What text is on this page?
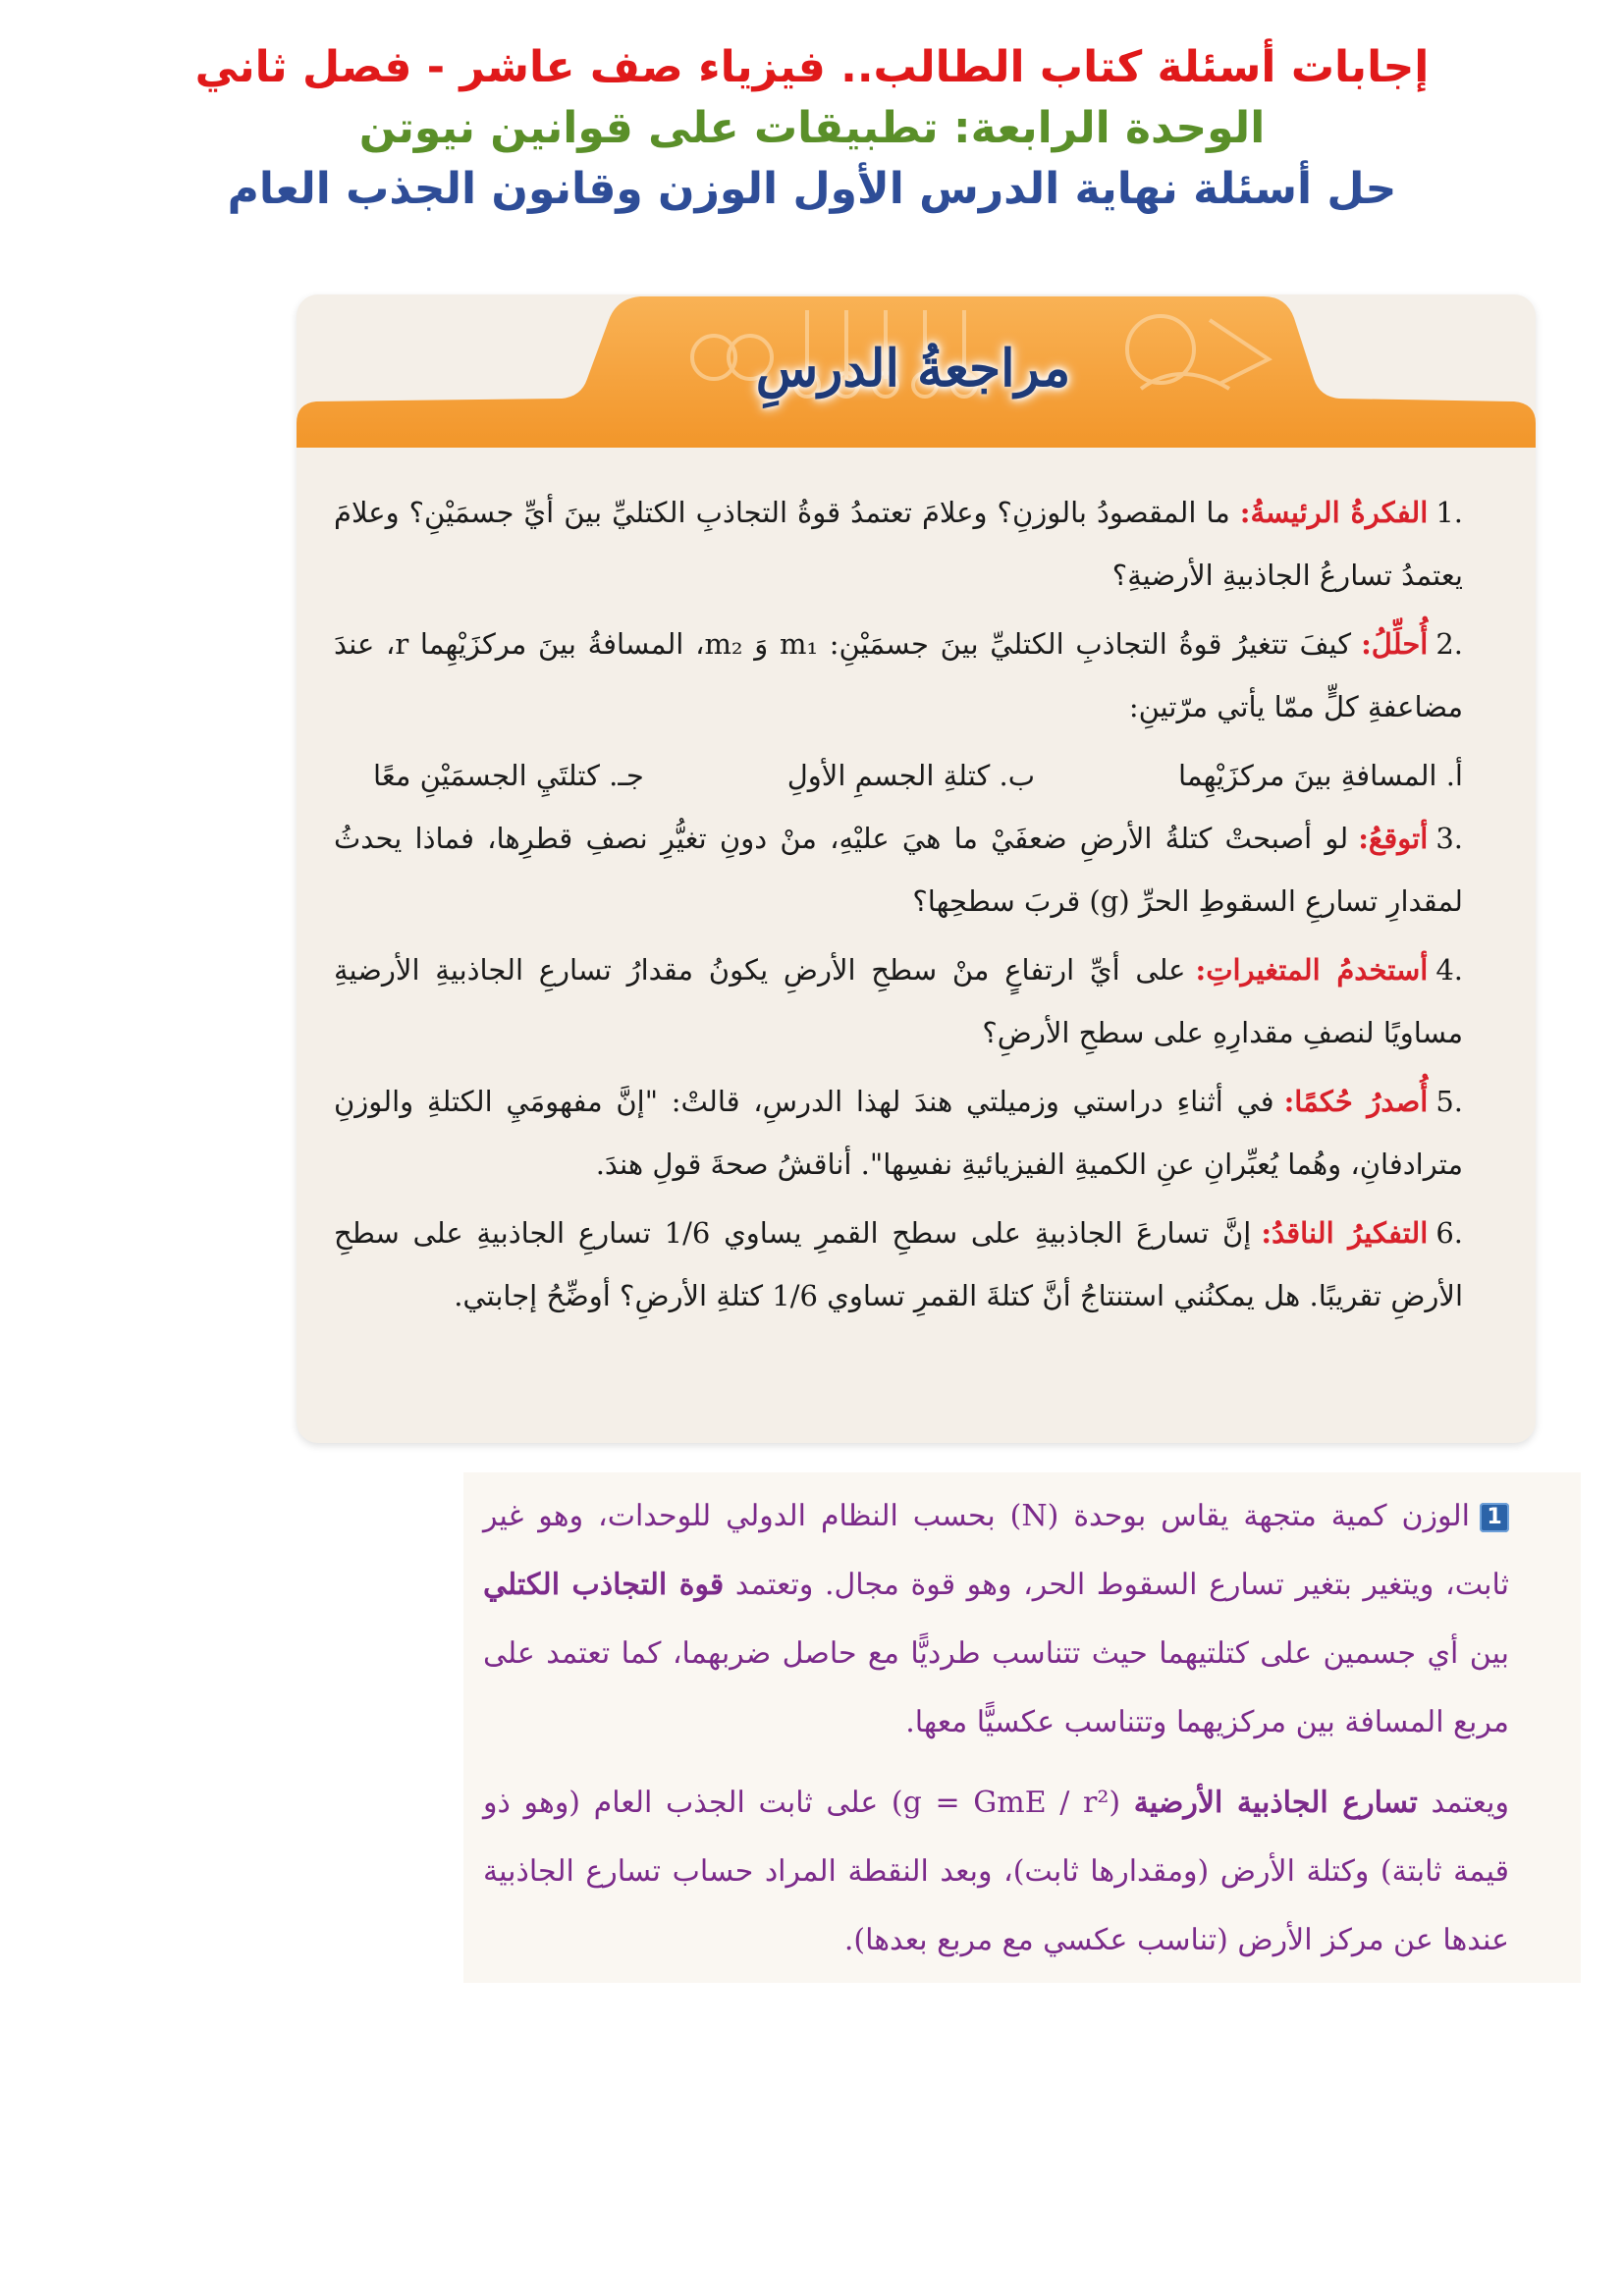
إجابات أسئلة كتاب الطالب.. فيزياء صف عاشر - فصل ثاني
الوحدة الرابعة: تطبيقات على قوانين نيوتن
حل أسئلة نهاية الدرس الأول الوزن وقانون الجذب العام
مراجعةُ الدرسِ
.1الفكرةُ الرئيسةُ:ما المقصودُ بالوزنِ؟ وعلامَ تعتمدُ قوةُ التجاذبِ الكتليِّ بينَ أيِّ جسمَيْنِ؟ وعلامَ يعتمدُ تسارعُ الجاذبيةِ الأرضيةِ؟
.2أُحلِّلُ:كيفَ تتغيرُ قوةُ التجاذبِ الكتليِّ بينَ جسمَيْنِ: m₁ وَ m₂، المسافةُ بينَ مركزَيْهِما r، عندَ مضاعفةِ كلٍّ ممّا يأتي مرّتينِ:
أ. المسافةِ بينَ مركزَيْهِما
ب. كتلةِ الجسمِ الأولِ
جـ. كتلتَيِ الجسمَيْنِ معًا
.3أتوقعُ:لو أصبحتْ كتلةُ الأرضِ ضعفَيْ ما هيَ عليْهِ، منْ دونِ تغيُّرِ نصفِ قطرِها، فماذا يحدثُ لمقدارِ تسارعِ السقوطِ الحرِّ (g) قربَ سطحِها؟
.4أستخدمُ المتغيراتِ:على أيِّ ارتفاعٍ منْ سطحِ الأرضِ يكونُ مقدارُ تسارعِ الجاذبيةِ الأرضيةِ مساويًا لنصفِ مقدارِهِ على سطحِ الأرضِ؟
.5أُصدرُ حُكمًا:في أثناءِ دراستي وزميلتي هندَ لهذا الدرسِ، قالتْ: "إنَّ مفهومَيِ الكتلةِ والوزنِ مترادفانِ، وهُما يُعبِّرانِ عنِ الكميةِ الفيزيائيةِ نفسِها". أناقشُ صحةَ قولِ هندَ.
.6التفكيرُ الناقدُ:إنَّ تسارعَ الجاذبيةِ على سطحِ القمرِ يساوي 1/6 تسارعِ الجاذبيةِ على سطحِ الأرضِ تقريبًا. هل يمكنُني استنتاجُ أنَّ كتلةَ القمرِ تساوي 1/6 كتلةِ الأرضِ؟ أوضِّحُ إجابتي.

1الوزن كمية متجهة يقاس بوحدة (N) بحسب النظام الدولي للوحدات، وهو غير ثابت، ويتغير بتغير تسارع السقوط الحر، وهو قوة مجال. وتعتمد قوة التجاذب الكتلي بين أي جسمين على كتلتيهما حيث تتناسب طرديًّا مع حاصل ضربهما، كما تعتمد على مربع المسافة بين مركزيهما وتتناسب عكسيًّا معها.

ويعتمد تسارع الجاذبية الأرضية (g = GmE / r²) على ثابت الجذب العام (وهو ذو قيمة ثابتة) وكتلة الأرض (ومقدارها ثابت)، وبعد النقطة المراد حساب تسارع الجاذبية عندها عن مركز الأرض (تناسب عكسي مع مربع بعدها).
